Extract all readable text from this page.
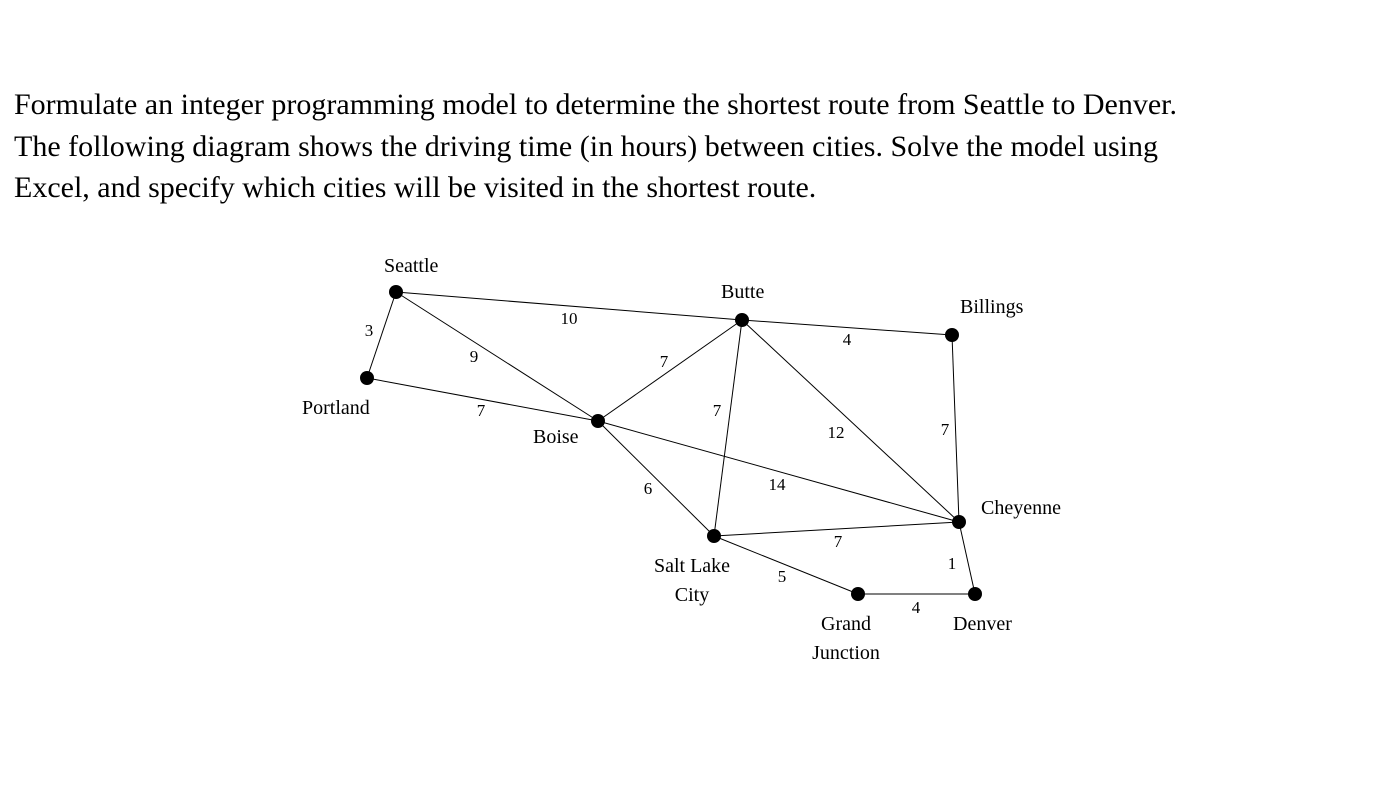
Formulate an integer programming model to determine the shortest route from Seattle to Denver.
The following diagram shows the driving time (in hours) between cities. Solve the model using
Excel, and specify which cities will be visited in the shortest route.
3
10
9
7
7
6	14
4
7
12	7
7
5
1
4
Seattle
Portland
Boise
Butte
Billings
Salt Lake City
Cheyenne
Grand Junction
Denver
